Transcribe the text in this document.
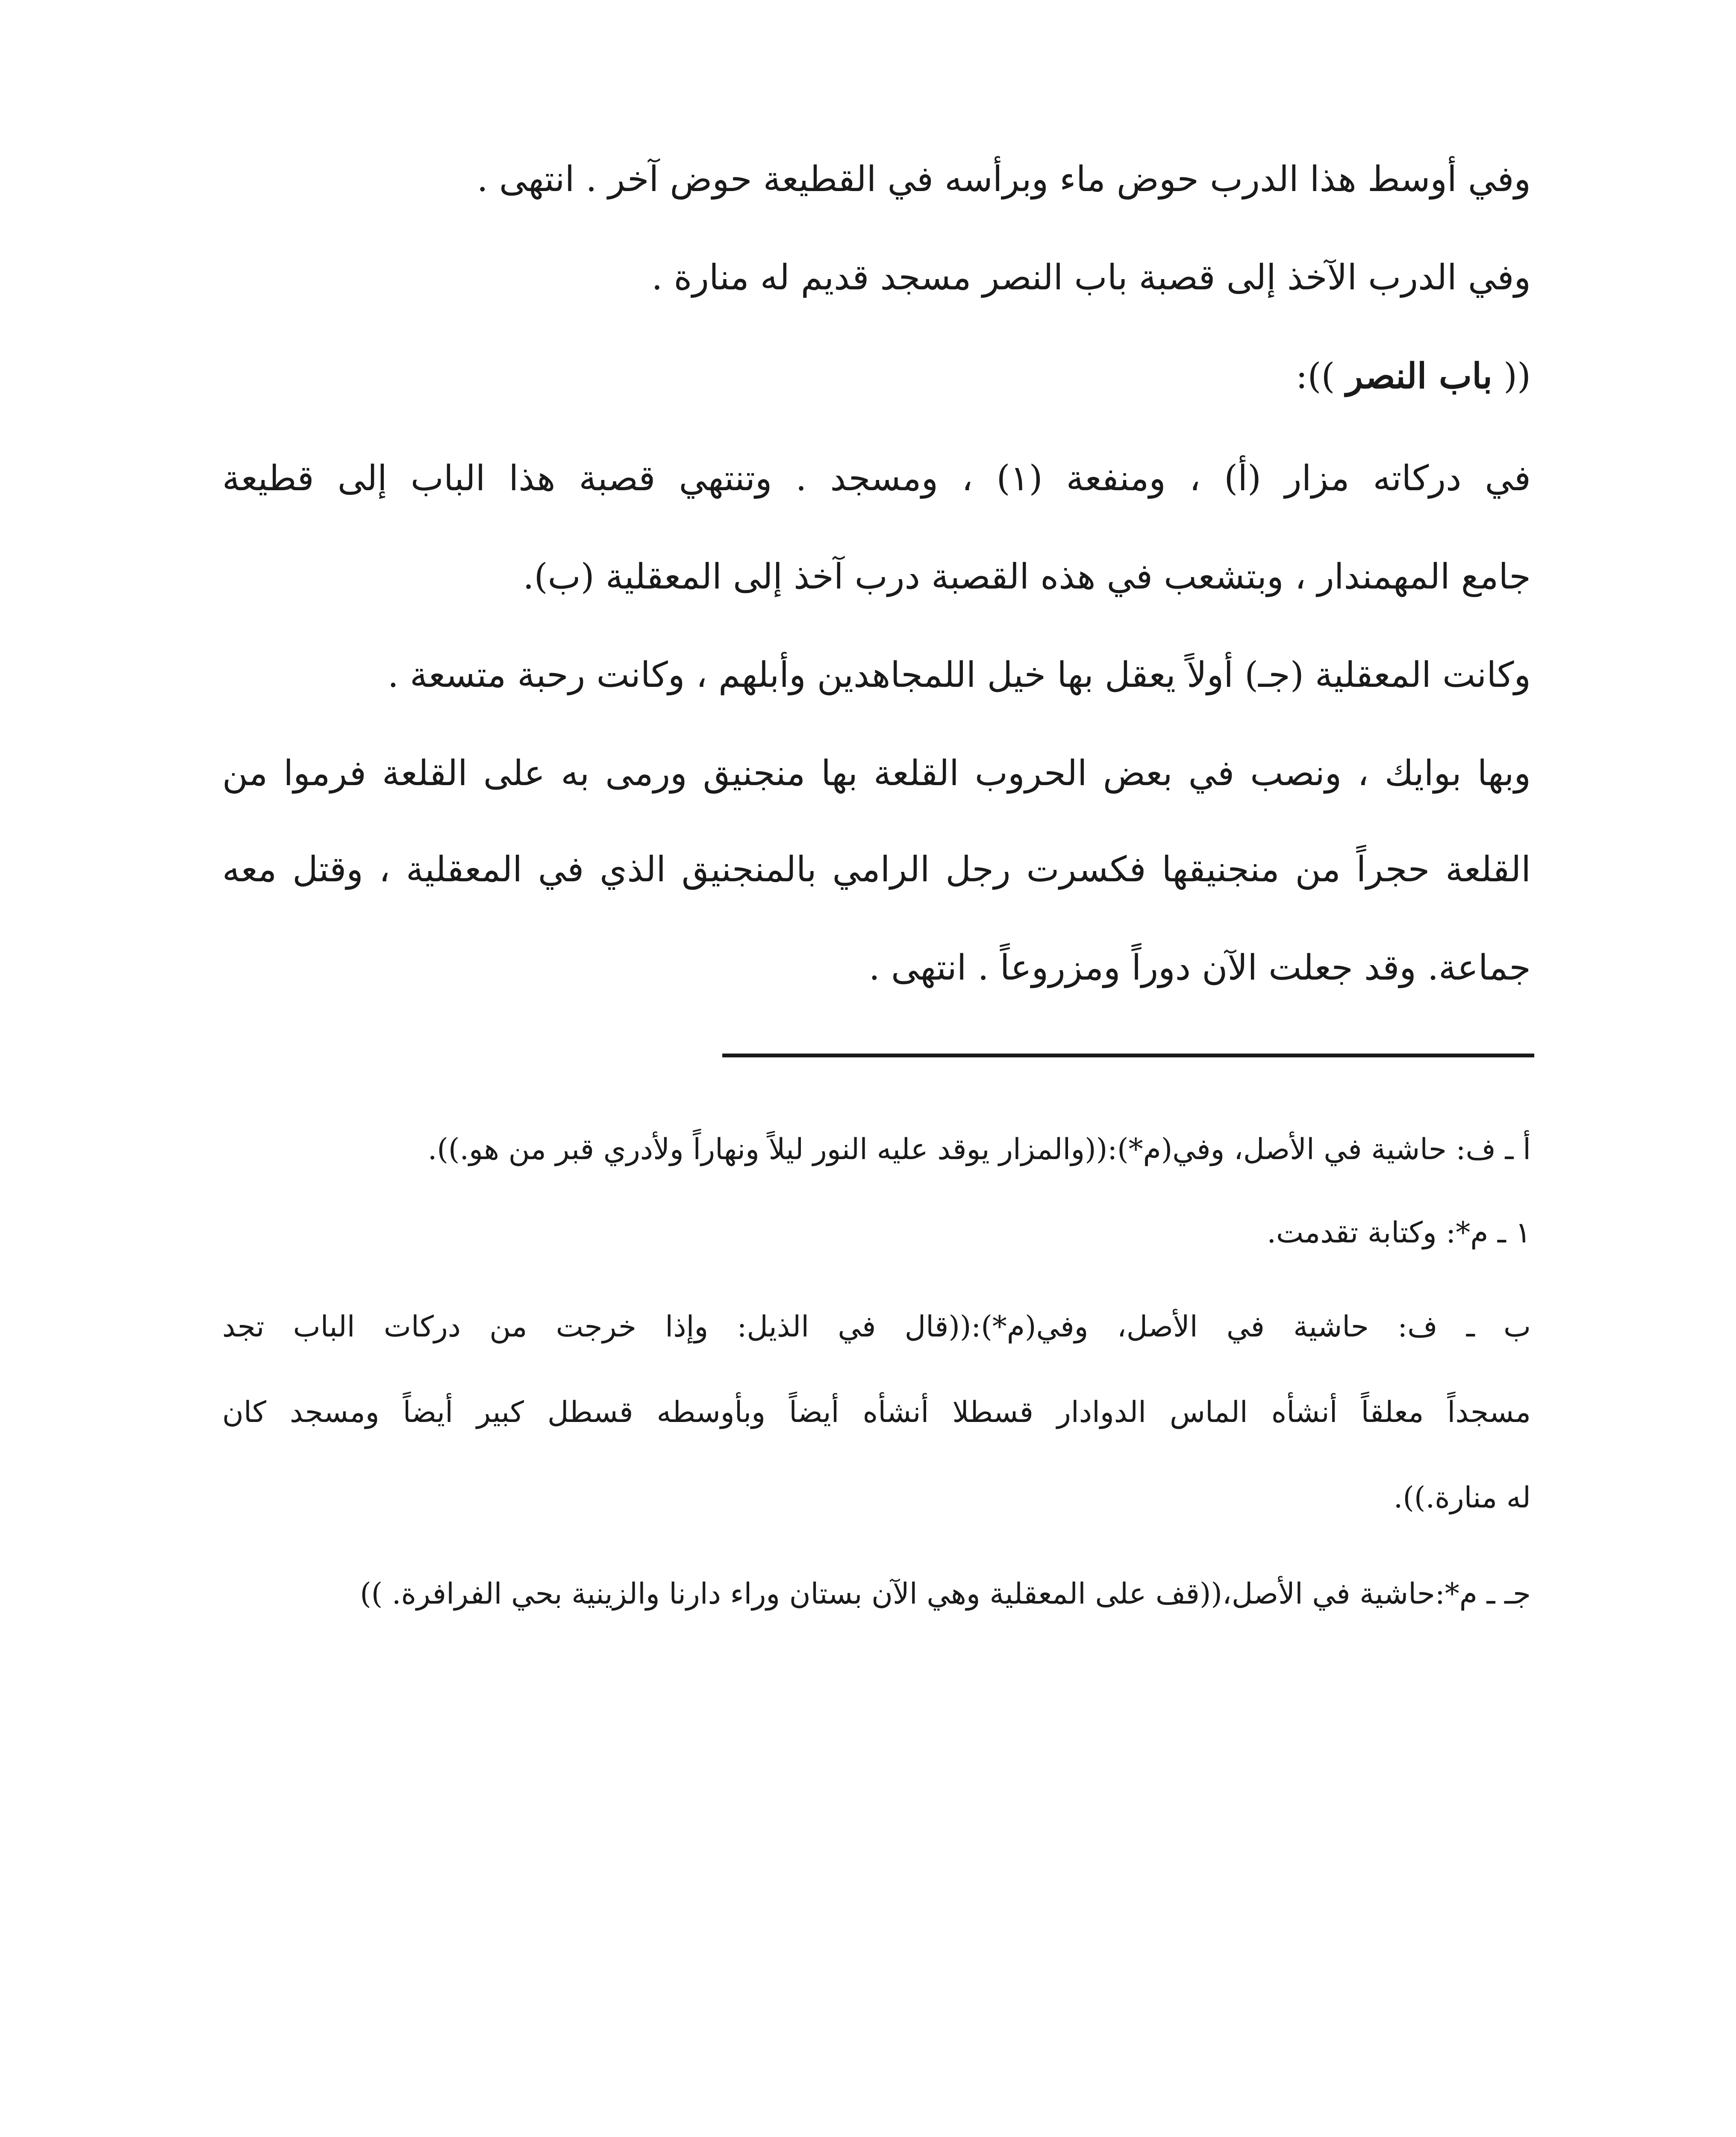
وفي أوسط هذا الدرب حوض ماء وبرأسه في القطيعة حوض آخر . انتهى .
وفي الدرب الآخذ إلى قصبة باب النصر مسجد قديم له منارة .
(( باب النصر )):
في دركاته مزار (أ) ، ومنفعة (١) ، ومسجد . وتنتهي قصبة هذا الباب إلى قطيعة
جامع المهمندار ، وبتشعب في هذه القصبة درب آخذ إلى المعقلية (ب).
وكانت المعقلية (جـ) أولاً يعقل بها خيل اللمجاهدين وأبلهم ، وكانت رحبة متسعة .
وبها بوايك ، ونصب في بعض الحروب القلعة بها منجنيق ورمى به على القلعة فرموا من
القلعة حجراً من منجنيقها فكسرت رجل الرامي بالمنجنيق الذي في المعقلية ، وقتل معه
جماعة. وقد جعلت الآن دوراً ومزروعاً . انتهى .
أ ـ ف: حاشية في الأصل، وفي(م*):((والمزار يوقد عليه النور ليلاً ونهاراً ولأدري قبر من هو.)).
١ ـ م*: وكتابة تقدمت.
ب ـ ف: حاشية في الأصل، وفي(م*):((قال في الذيل: وإذا خرجت من دركات الباب تجد
مسجداً معلقاً أنشأه الماس الدوادار قسطلا أنشأه أيضاً وبأوسطه قسطل كبير أيضاً ومسجد كان
له منارة.)).
جـ ـ م*:حاشية في الأصل،((قف على المعقلية وهي الآن بستان وراء دارنا والزينية بحي الفرافرة. ))
